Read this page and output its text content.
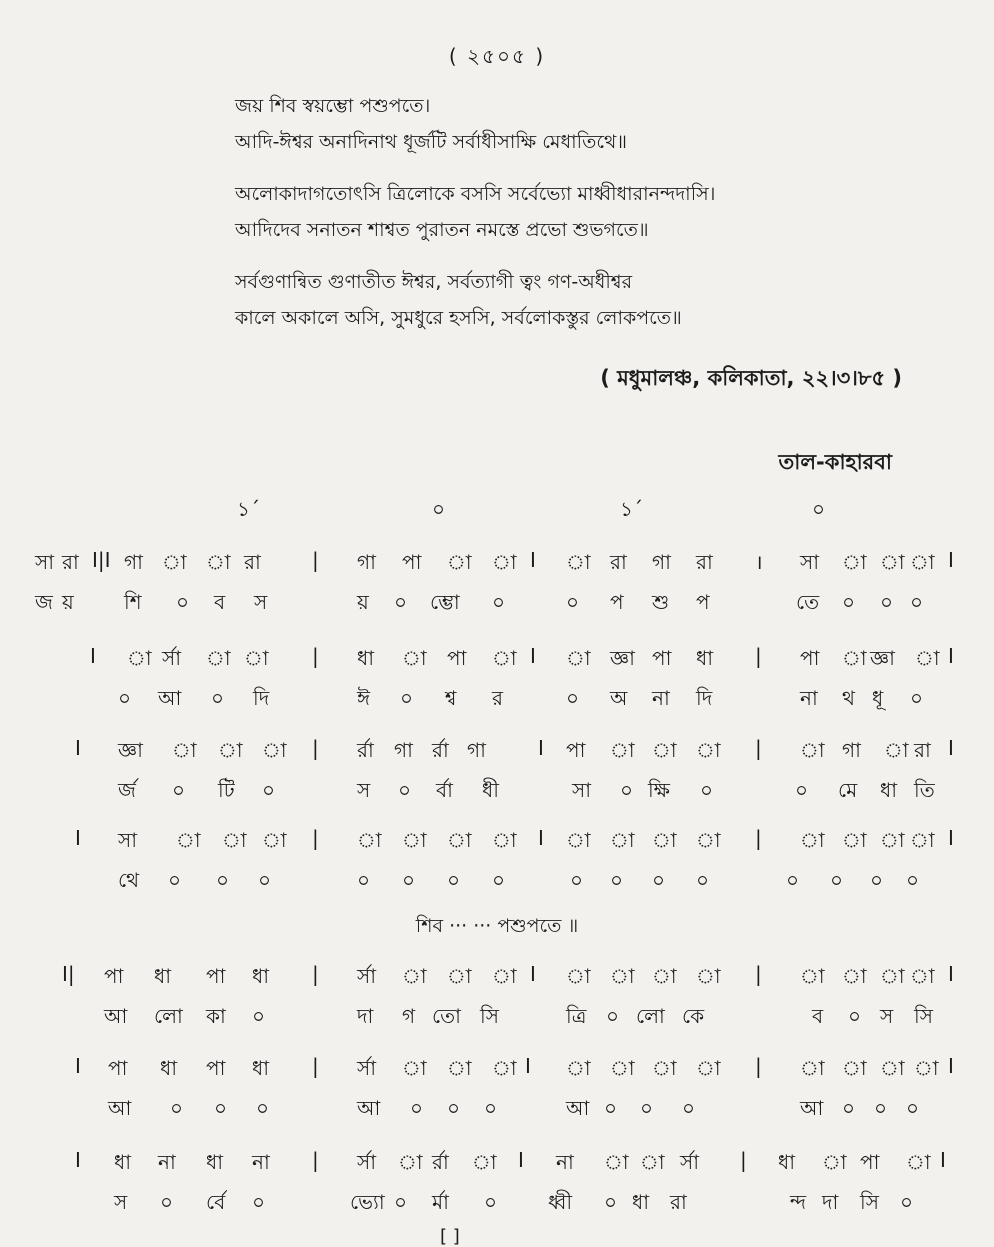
( ২৫০৫ )
জয় শিব স্বয়ম্ভো পশুপতে।
আদি-ঈশ্বর অনাদিনাথ ধূর্জটি সর্বাধীসাক্ষি মেধাতিথে॥
অলোকাদাগতোৎসি ত্রিলোকে বসসি সর্বেভ্যো মাধ্বীধারানন্দদাসি।
আদিদেব সনাতন শাশ্বত পুরাতন নমস্তে প্রভো শুভগতে॥
সর্বগুণান্বিত গুণাতীত ঈশ্বর, সর্বত্যাগী ত্বং গণ-অধীশ্বর
কালে অকালে অসি, সুমধুরে হসসি, সর্বলোকস্তুর লোকপতে॥
( মধুমালঞ্চ, কলিকাতা, ২২।৩।৮৫ )
তাল-কাহারবা
১´	০	১´	০
সা রা I|I গা া া রা	| গা পা া া I া রা গা রা । সা া া া I
জ য়	শি ০ ব স	য় ০ ম্ভো ০	০ প শু প	তে ০ ০ ০
I া র্সা া া | ধা া পা া I া জ্ঞা পা ধা | পা া জ্ঞা া I
০ আ ০ দি	ঈ ০ শ্ব র	০ অ না দি	না থ ধূ ০
I জ্ঞা া া া | র্রা গা র্রা গা	I পা া া া | া গা া রা I
র্জ ০ টি ০	স ০ র্বা ধী	সা ০ ক্ষি ০	০ মে ধা তি
I সা া া া | া া া া I া া া া | া া া া I
থে ০ ০ ০	০ ০ ০ ০	০ ০ ০ ০	০ ০ ০ ০
I| পা ধা পা ধা | র্সা া া া I া া া া | া া া া I
আ লো কা ০	দা গ তো সি	ত্রি ০ লো কে	ব ০ স সি
I পা ধা পা ধা | র্সা া া া I া া া া | া া া া I
আ ০ ০ ০	আ ০ ০ ০	আ ০ ০ ০	আ ০ ০ ০
I ধা না ধা না | র্সা া র্রা া I না া া র্সা | ধা া পা া I
স ০ র্বে ০	ভ্যো ০ র্মা ০	ধ্বী ০ ধা রা	ন্দ দা সি ০
শিব ··· ··· পশুপতে ॥
[ ]
